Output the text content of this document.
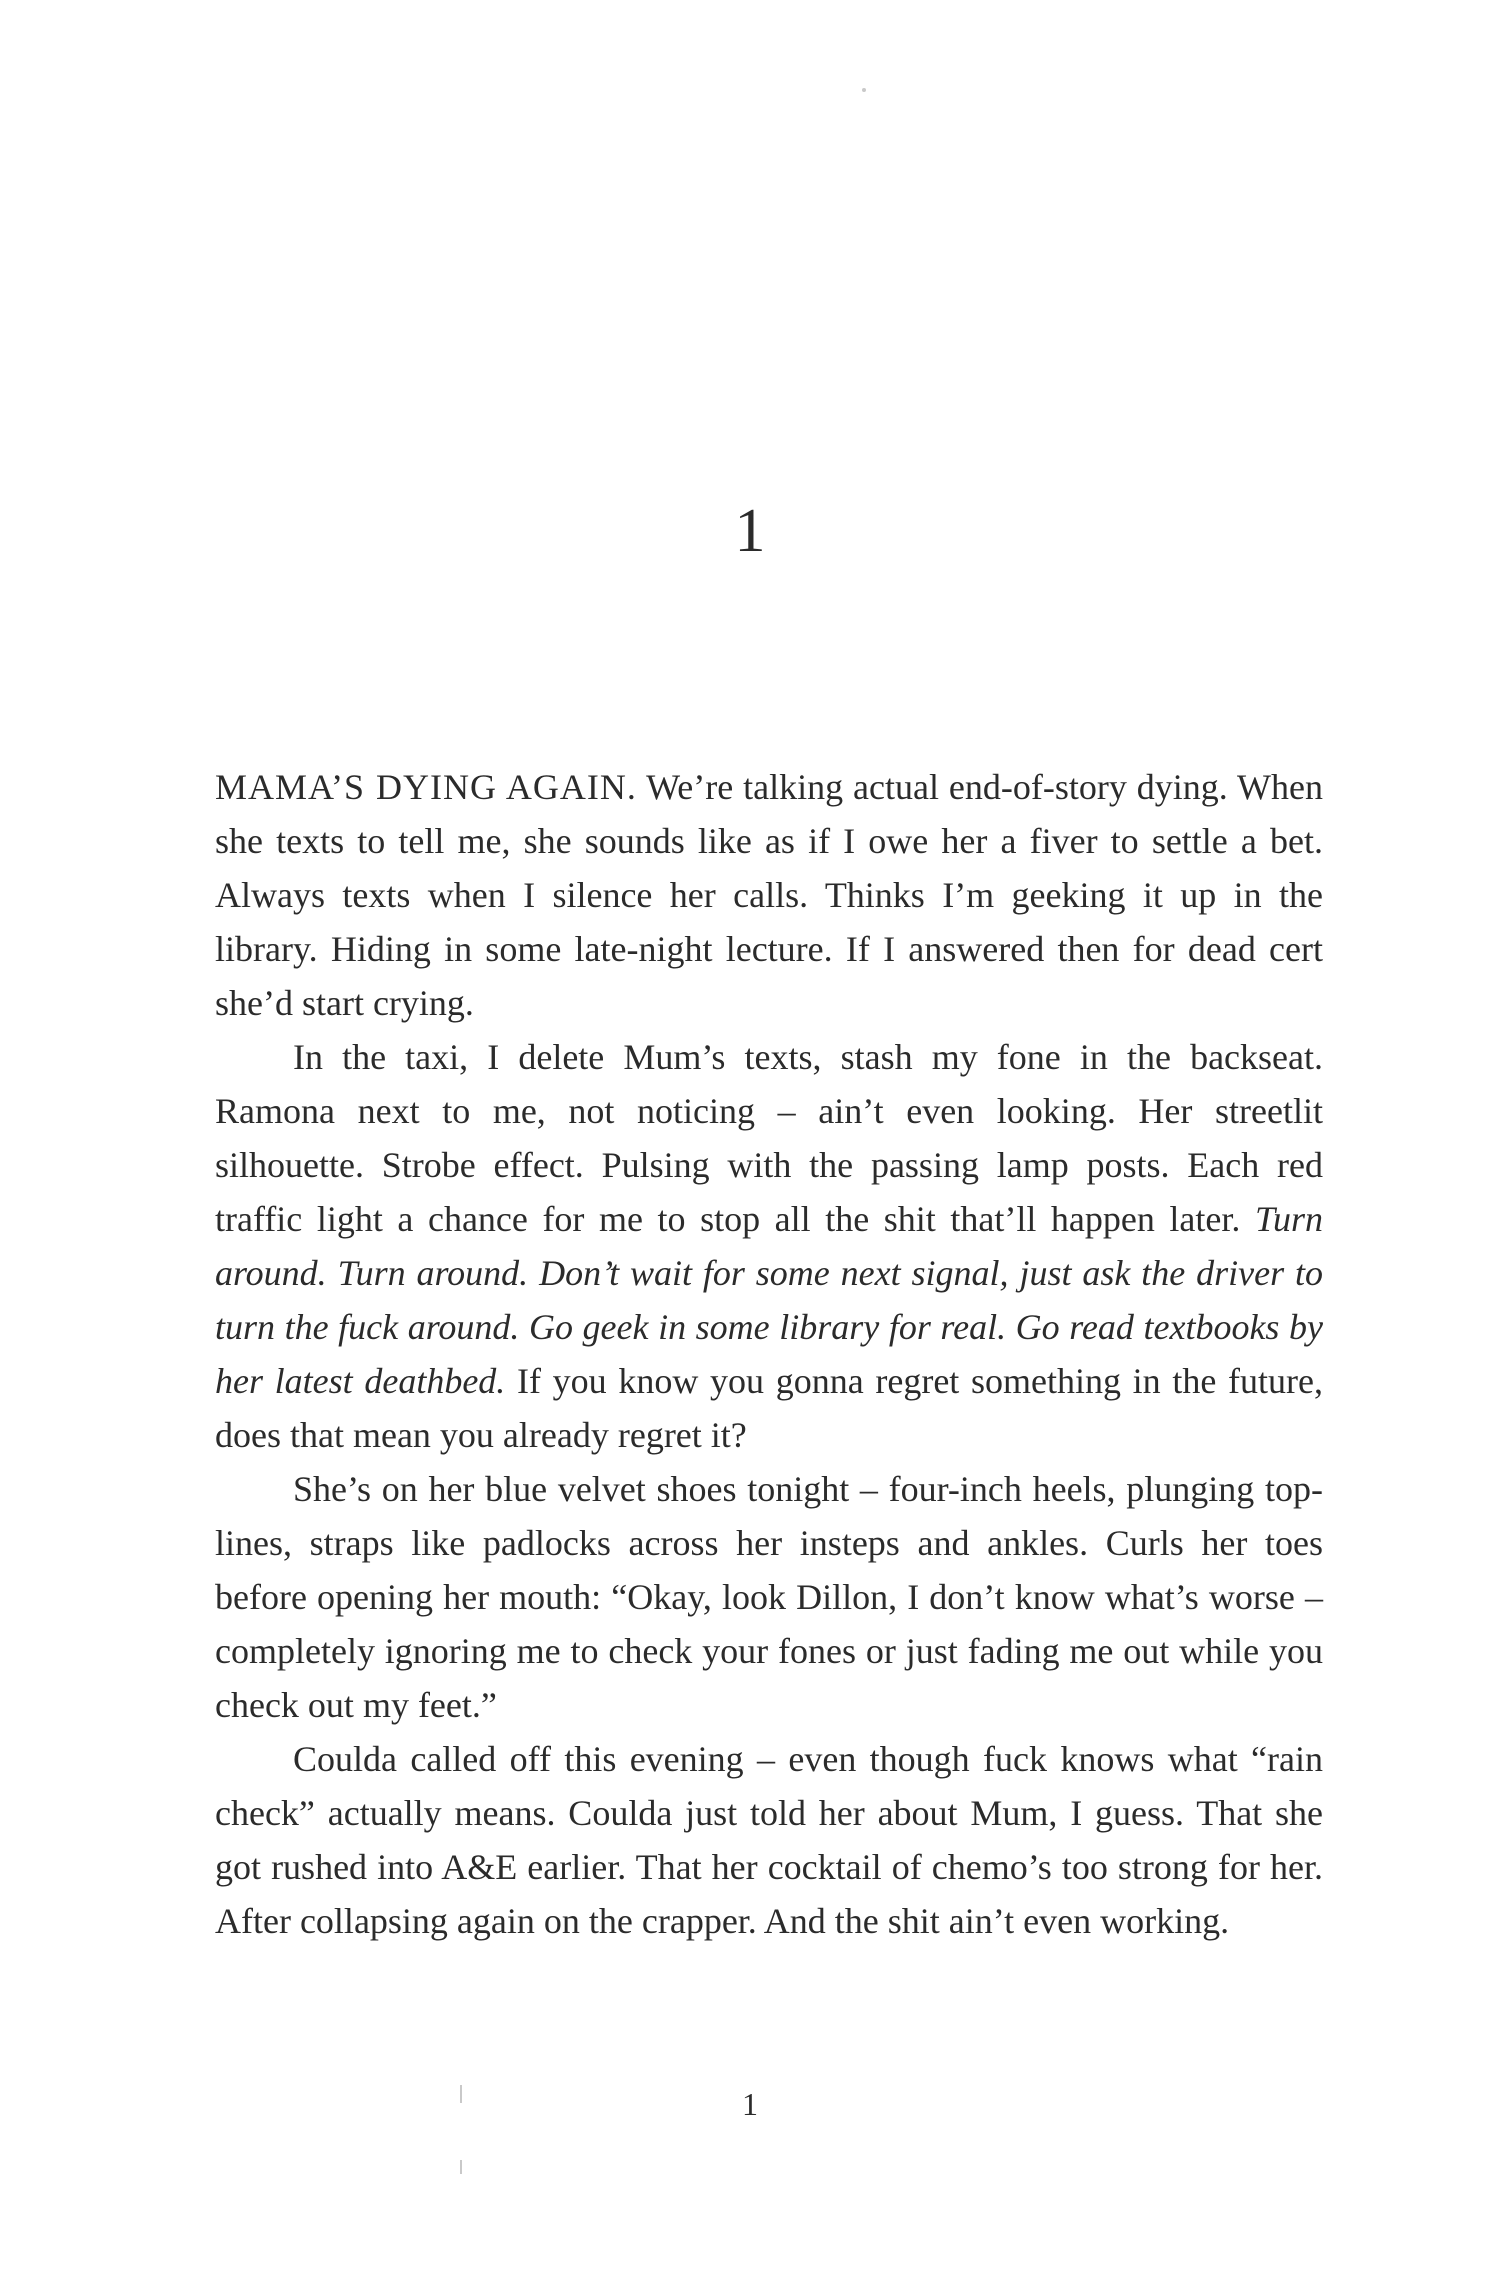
1

MAMA’S DYING AGAIN. We’re talking actual end-of-story dying. When she texts to tell me, she sounds like as if I owe her a fiver to settle a bet. Always texts when I silence her calls. Thinks I’m geeking it up in the library. Hiding in some late-night lecture. If I answered then for dead cert she’d start crying.

In the taxi, I delete Mum’s texts, stash my fone in the backseat. Ramona next to me, not noticing – ain’t even looking. Her streetlit silhouette. Strobe effect. Pulsing with the passing lamp posts. Each red traffic light a chance for me to stop all the shit that’ll happen later. Turn around. Turn around. Don’t wait for some next signal, just ask the driver to turn the fuck around. Go geek in some library for real. Go read textbooks by her latest deathbed. If you know you gonna regret something in the future, does that mean you already regret it?

She’s on her blue velvet shoes tonight – four-inch heels, plunging top-lines, straps like padlocks across her insteps and ankles. Curls her toes before opening her mouth: “Okay, look Dillon, I don’t know what’s worse – completely ignoring me to check your fones or just fading me out while you check out my feet.”

Coulda called off this evening – even though fuck knows what “rain check” actually means. Coulda just told her about Mum, I guess. That she got rushed into A&E earlier. That her cocktail of chemo’s too strong for her. After collapsing again on the crapper. And the shit ain’t even working.

1
